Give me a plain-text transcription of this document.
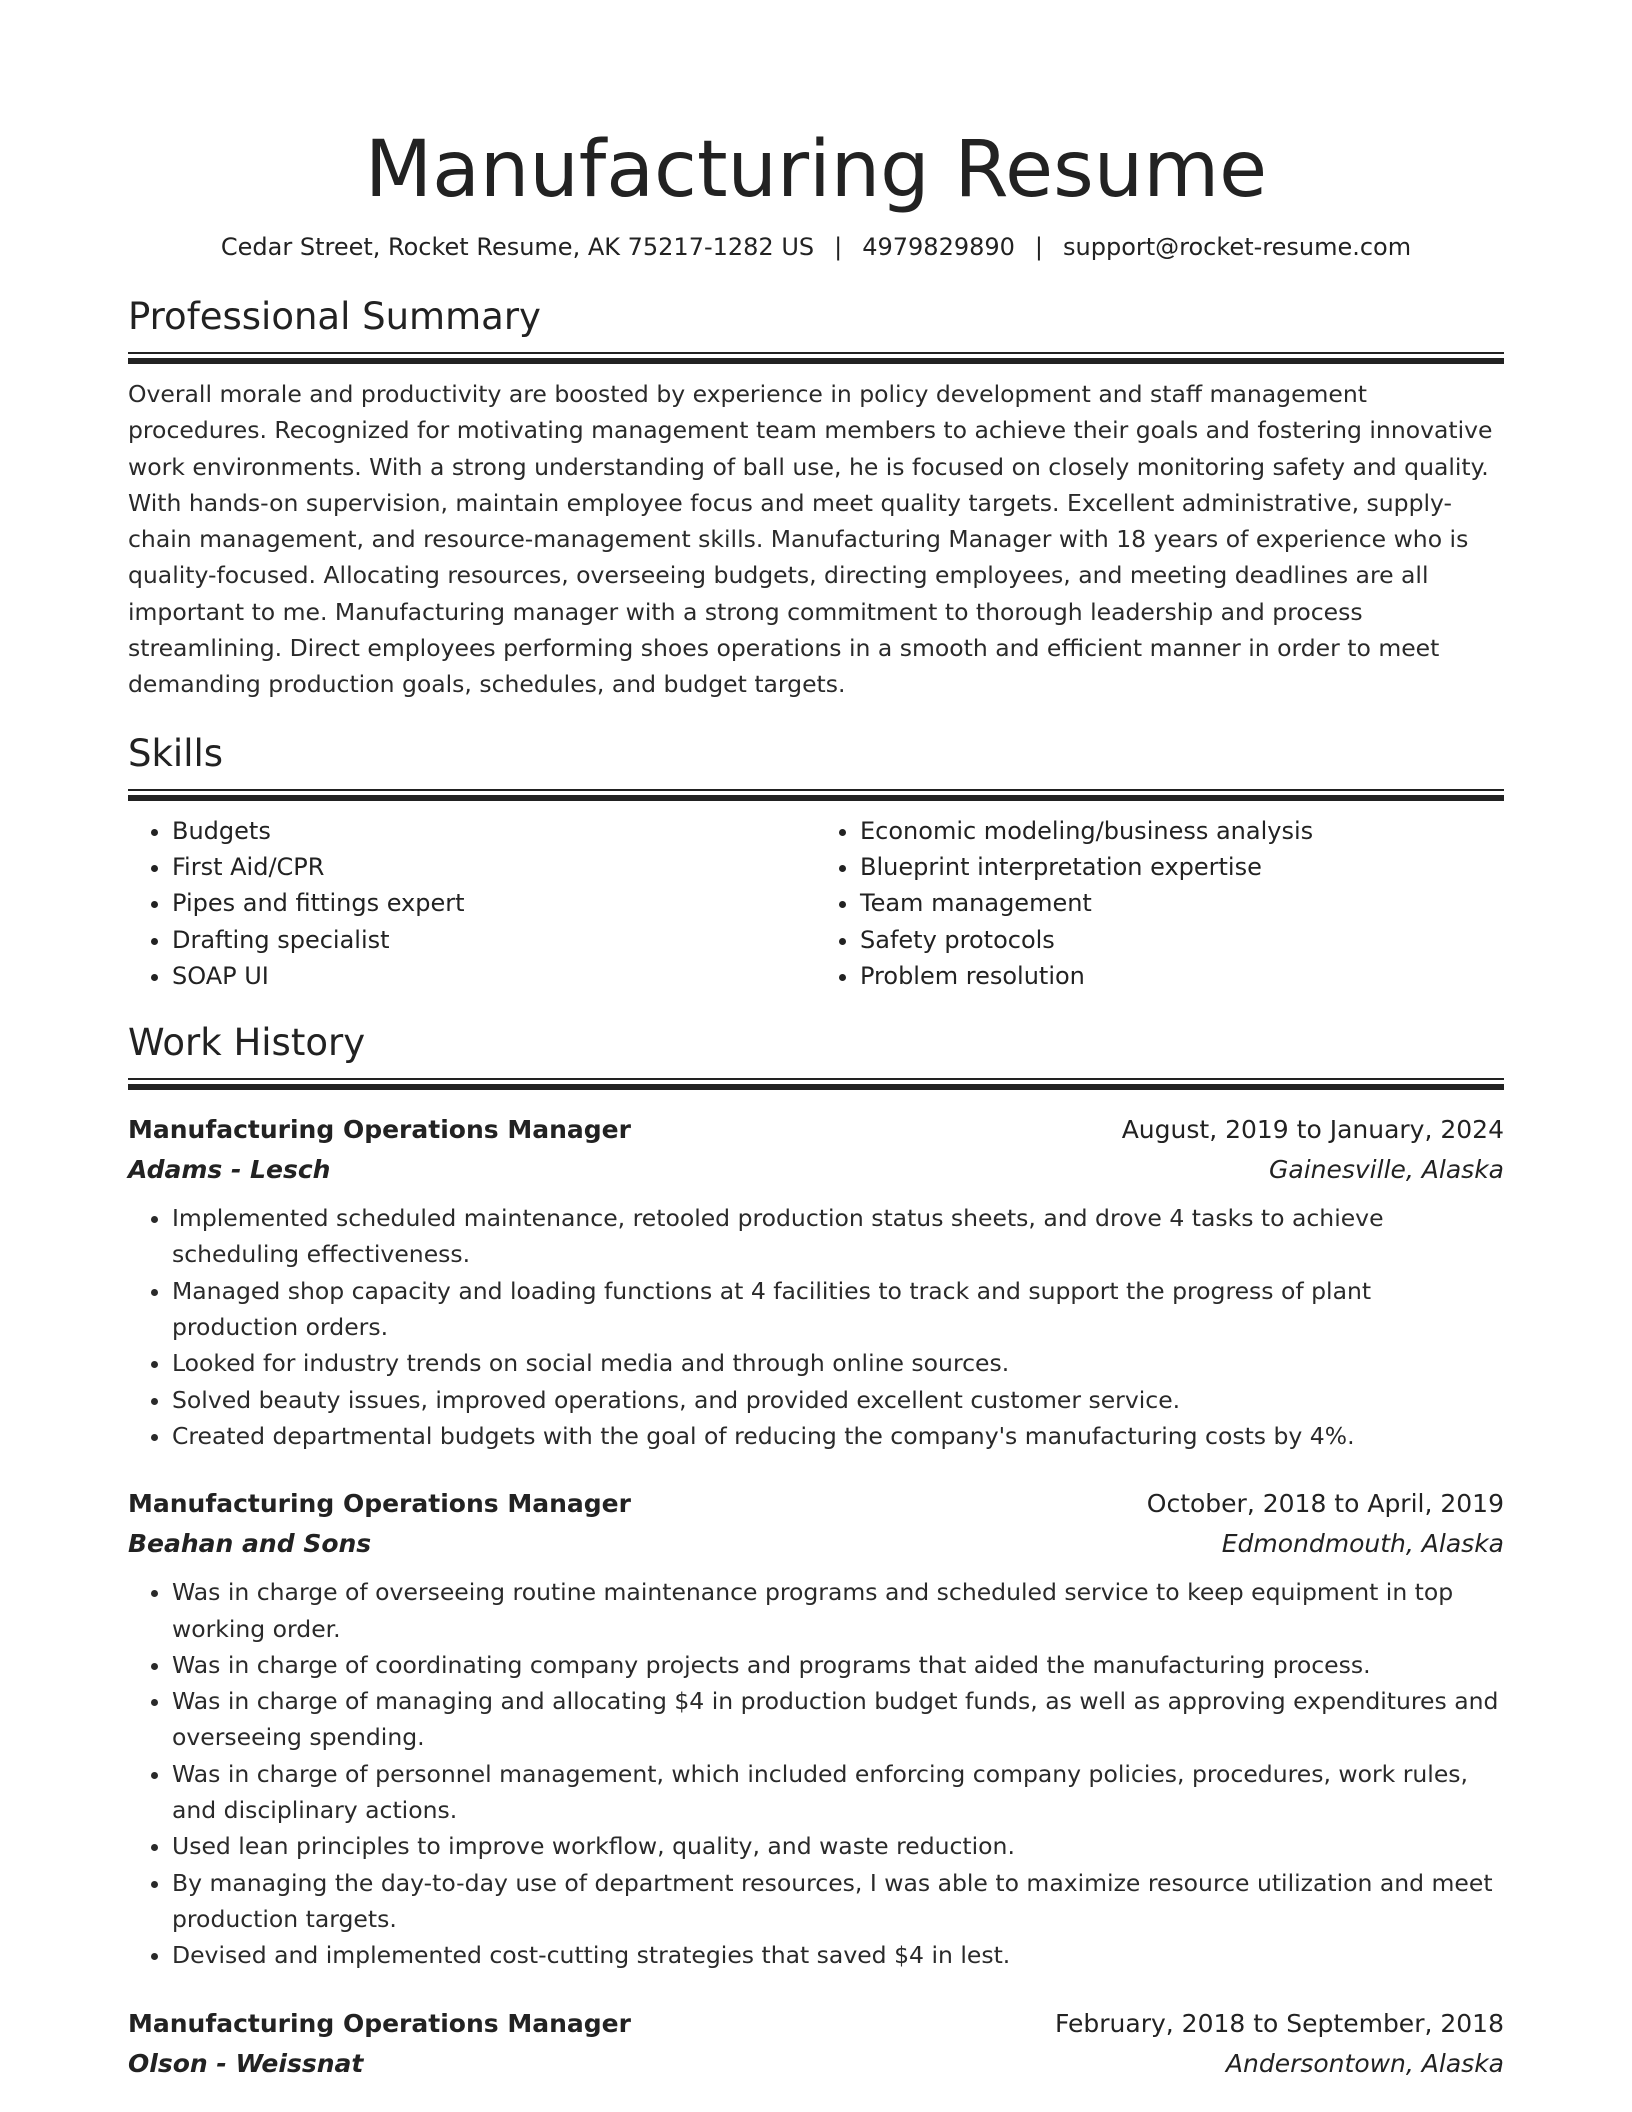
Manufacturing Resume
Cedar Street, Rocket Resume, AK 75217-1282 US | 4979829890 | support@rocket-resume.com
Professional Summary

Overall morale and productivity are boosted by experience in policy development and staff management procedures. Recognized for motivating management team members to achieve their goals and fostering innovative work environments. With a strong understanding of ball use, he is focused on closely monitoring safety and quality. With hands-on supervision, maintain employee focus and meet quality targets. Excellent administrative, supply-chain management, and resource-management skills. Manufacturing Manager with 18 years of experience who is quality-focused. Allocating resources, overseeing budgets, directing employees, and meeting deadlines are all important to me. Manufacturing manager with a strong commitment to thorough leadership and process streamlining. Direct employees performing shoes operations in a smooth and efficient manner in order to meet demanding production goals, schedules, and budget targets.

Skills
• Budgets
• First Aid/CPR
• Pipes and fittings expert
• Drafting specialist
• SOAP UI
• Economic modeling/business analysis
• Blueprint interpretation expertise
• Team management
• Safety protocols
• Problem resolution
Work History
Manufacturing Operations Manager	August, 2019 to January, 2024
Adams - Lesch	Gainesville, Alaska
• Implemented scheduled maintenance, retooled production status sheets, and drove 4 tasks to achieve scheduling effectiveness.
• Managed shop capacity and loading functions at 4 facilities to track and support the progress of plant production orders.
• Looked for industry trends on social media and through online sources.
• Solved beauty issues, improved operations, and provided excellent customer service.
• Created departmental budgets with the goal of reducing the company's manufacturing costs by 4%.
Manufacturing Operations Manager	October, 2018 to April, 2019
Beahan and Sons	Edmondmouth, Alaska
• Was in charge of overseeing routine maintenance programs and scheduled service to keep equipment in top working order.
• Was in charge of coordinating company projects and programs that aided the manufacturing process.
• Was in charge of managing and allocating $4 in production budget funds, as well as approving expenditures and overseeing spending.
• Was in charge of personnel management, which included enforcing company policies, procedures, work rules, and disciplinary actions.
• Used lean principles to improve workflow, quality, and waste reduction.
• By managing the day-to-day use of department resources, I was able to maximize resource utilization and meet production targets.
• Devised and implemented cost-cutting strategies that saved $4 in lest.
Manufacturing Operations Manager	February, 2018 to September, 2018
Olson - Weissnat	Andersontown, Alaska
